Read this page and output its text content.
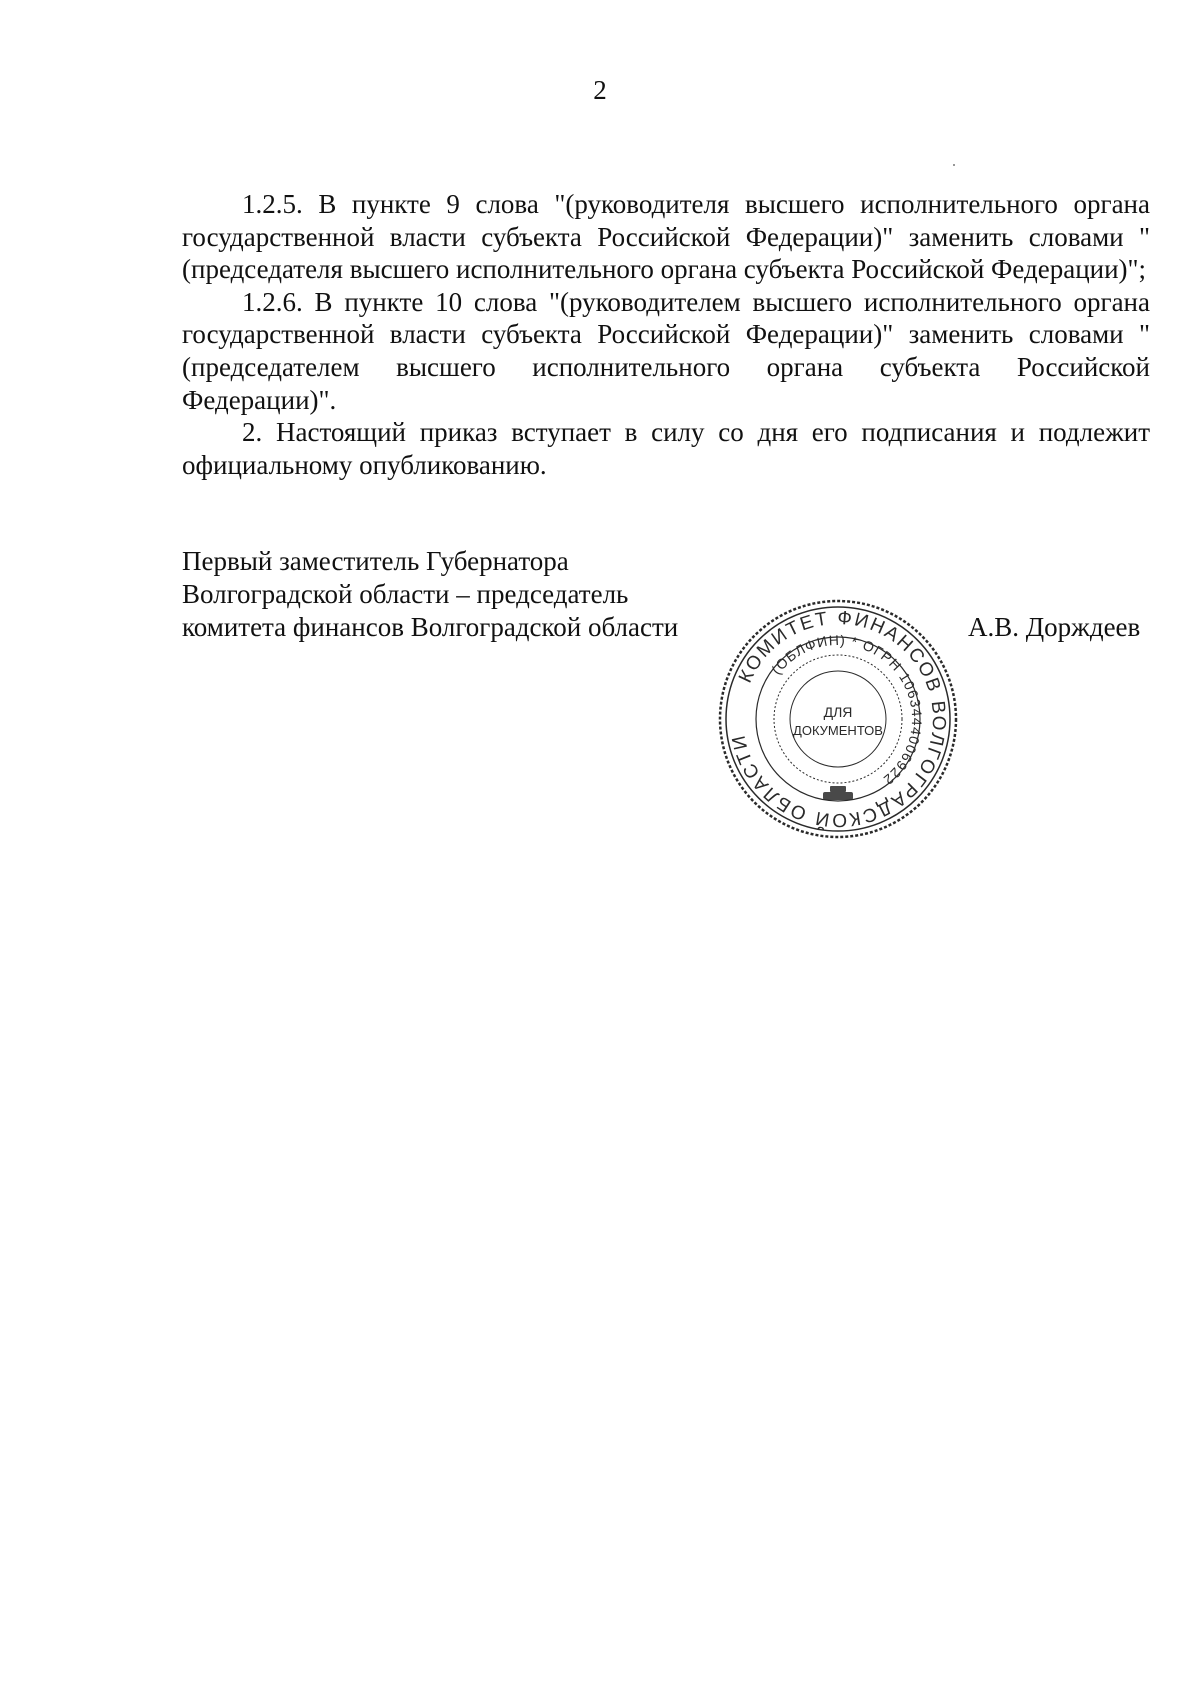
2

1.2.5. В пункте 9 слова "(руководителя высшего исполнительного органа государственной власти субъекта Российской Федерации)" заменить словами "(председателя высшего исполнительного органа субъекта Российской Федерации)";

1.2.6. В пункте 10 слова "(руководителем высшего исполнительного органа государственной власти субъекта Российской Федерации)" заменить словами "(председателем высшего исполнительного органа субъекта Российской Федерации)".

2. Настоящий приказ вступает в силу со дня его подписания и подлежит официальному опубликованию.

Первый заместитель Губернатора
Волгоградской области – председатель
комитета финансов Волгоградской области	А.В. Дорждеев
КОМИТЕТ ФИНАНСОВ ВОЛГОГРАДСКОЙ ОБЛАСТИ
(ОБЛФИН) * ОГРН 1063444006922
ДЛЯ
ДОКУМЕНТОВ
